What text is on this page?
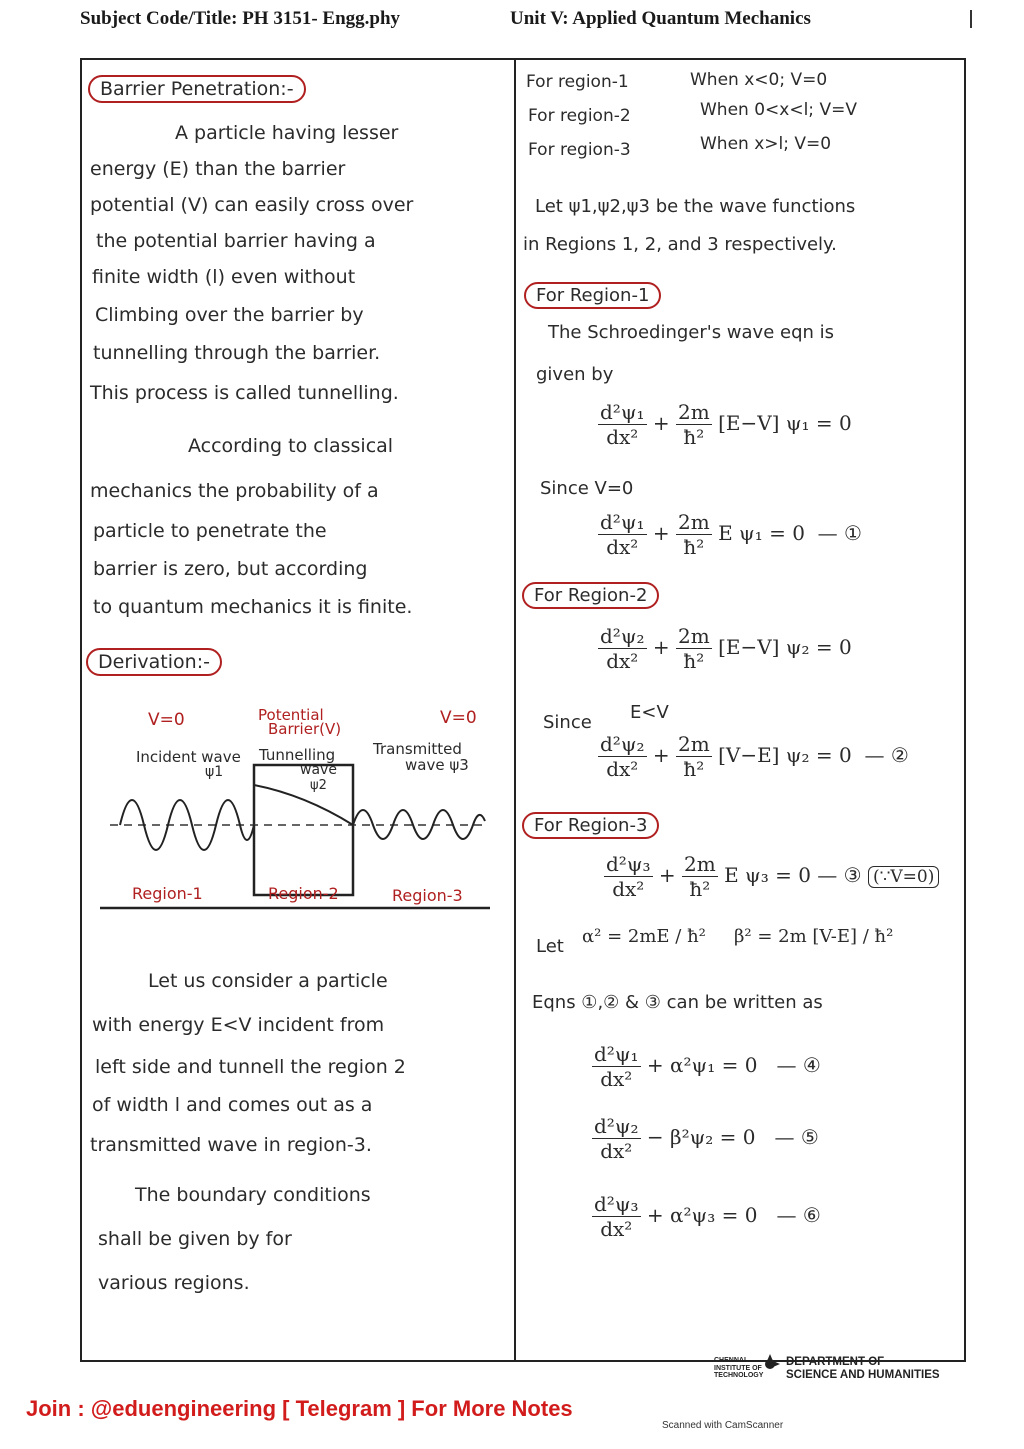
Subject Code/Title: PH 3151- Engg.phy	Unit V: Applied Quantum Mechanics
Barrier Penetration:-
A particle having lesser
energy (E) than the barrier
potential (V) can easily cross over
the potential barrier having a
finite width (l) even without
Climbing over the barrier by
tunnelling through the barrier.
This process is called tunnelling.
According to classical
mechanics the probability of a
particle to penetrate the
barrier is zero, but according
to quantum mechanics it is finite.
Derivation:-
V=0	Potential
Barrier(V)
V=0
Incident wave
ψ1
Tunnelling
wave
ψ2
Transmitted
wave ψ3
Region-1	Region-2	Region-3
Let us consider a particle
with energy E<V incident from
left side and tunnell the region 2
of width l and comes out as a
transmitted wave in region-3.
The boundary conditions
shall be given by for
various regions.
For region-1	When x<0; V=0
For region-2	When 0<x<l; V=V
For region-3	When x>l; V=0
Let ψ1,ψ2,ψ3 be the wave functions
in Regions 1, 2, and 3 respectively.
For Region-1
The Schroedinger's wave eqn is
given by
$\frac{\text{d²ψ₁}}{\text{dx²}} + \frac{2m}{\text{ħ²}} [E-V] \psi_1 = 0$
Since V=0
$\frac{\text{d²ψ₁}}{\text{dx²}} + \frac{2m}{\text{ħ²}}$ E ψ₁ = 0  — ①
For Region-2
$\frac{\text{d²ψ₂}}{\text{dx²}} + \frac{2m}{\text{ħ²}} [E-V] \psi_2 = 0$
Since E<V
$\frac{\text{d²ψ₂}}{\text{dx²}} + \frac{2m}{\text{ħ²}} [V-E] \psi_2 = 0$  — ②
For Region-3
$\frac{\text{d²ψ₃}}{\text{dx²}} + \frac{2m}{\text{ħ²}}$ E ψ₃ = 0 — ③ (∵V=0)
Let α² = 2mE / ħ² β² = 2m [V-E] / ħ²
Eqns ①,② & ③ can be written as
$\frac{\text{d²ψ₁}}{\text{dx²}} + \alpha^2\psi_1 = 0$   — ④
$\frac{\text{d²ψ₂}}{\text{dx²}} - \beta^2\psi_2 = 0$   — ⑤
$\frac{\text{d²ψ₃}}{\text{dx²}} + \alpha^2\psi_3 = 0$   — ⑥
CHENNAI
INSTITUTE OF
TECHNOLOGY
DEPARTMENT OF
SCIENCE AND HUMANITIES
Join : @eduengineering [ Telegram ] For More Notes
Scanned with CamScanner
